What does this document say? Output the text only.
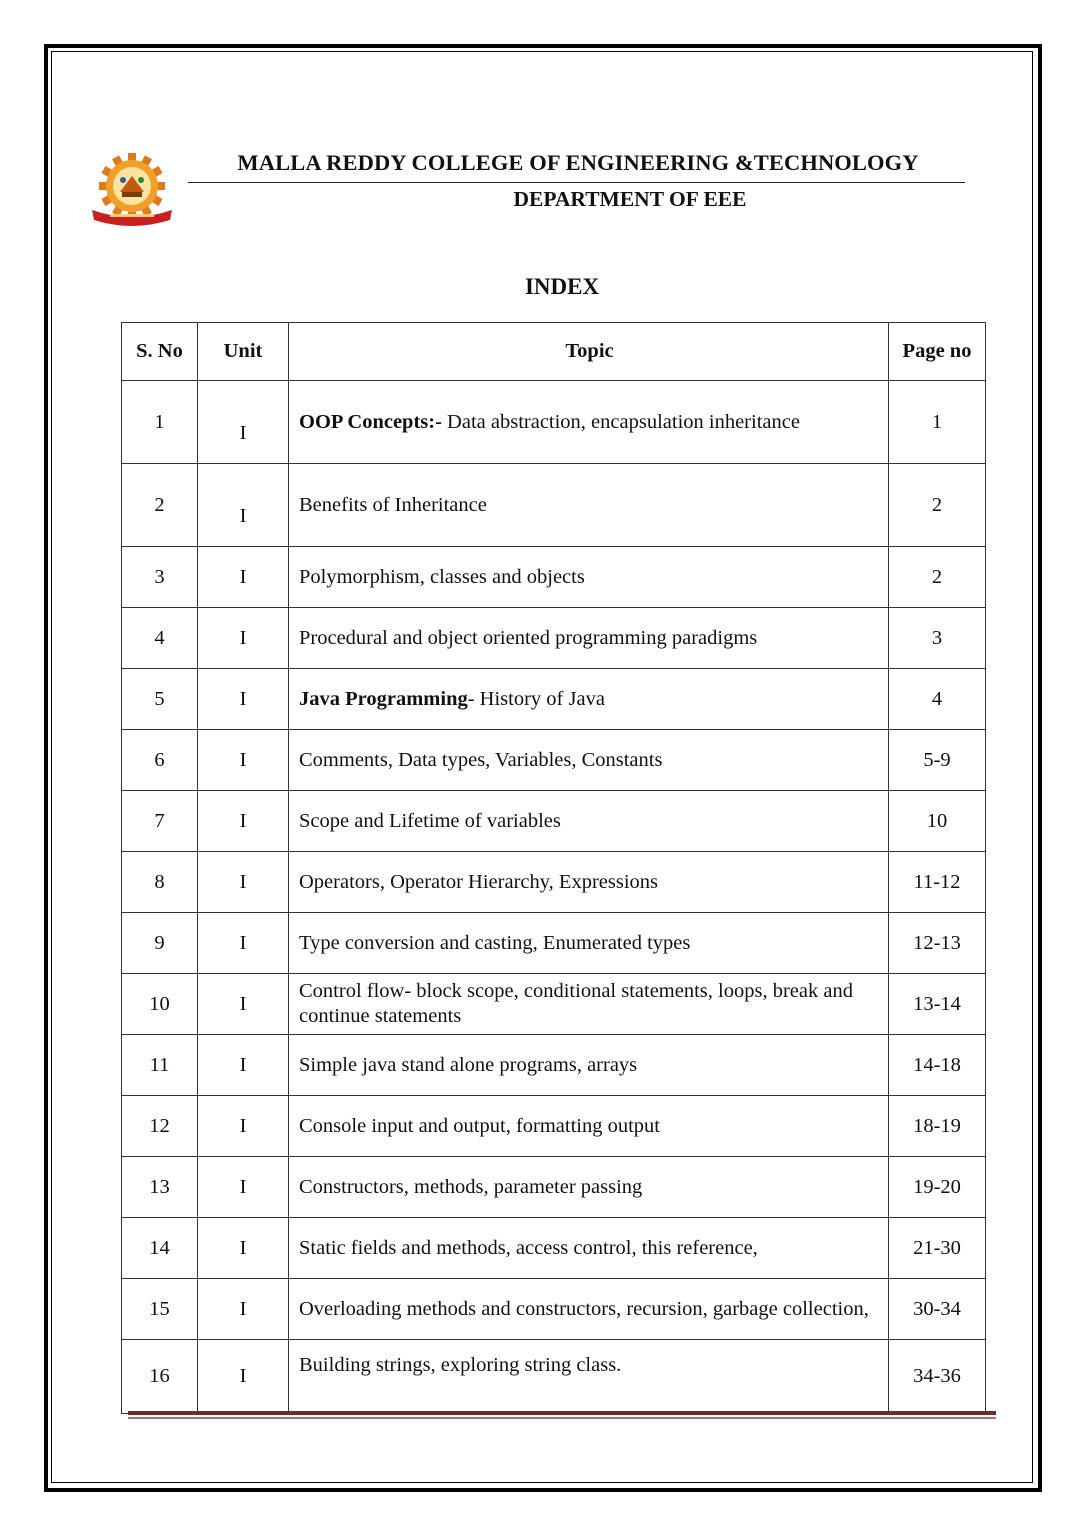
MALLA REDDY COLLEGE OF ENGINEERING &TECHNOLOGY
DEPARTMENT OF EEE
INDEX
S. No	Unit	Topic	Page no
1	I	OOP Concepts:- Data abstraction, encapsulation inheritance	1
2	I	Benefits of Inheritance	2
3	I	Polymorphism, classes and objects	2
4	I	Procedural and object oriented programming paradigms	3
5	I	Java Programming- History of Java	4
6	I	Comments, Data types, Variables, Constants	5-9
7	I	Scope and Lifetime of variables	10
8	I	Operators, Operator Hierarchy, Expressions	11-12
9	I	Type conversion and casting, Enumerated types	12-13
10	I	Control flow- block scope, conditional statements, loops, break and continue statements	13-14
11	I	Simple java stand alone programs, arrays	14-18
12	I	Console input and output, formatting output	18-19
13	I	Constructors, methods, parameter passing	19-20
14	I	Static fields and methods, access control, this reference,	21-30
15	I	Overloading methods and constructors, recursion, garbage collection,	30-34
16	I	Building strings, exploring string class.	34-36
